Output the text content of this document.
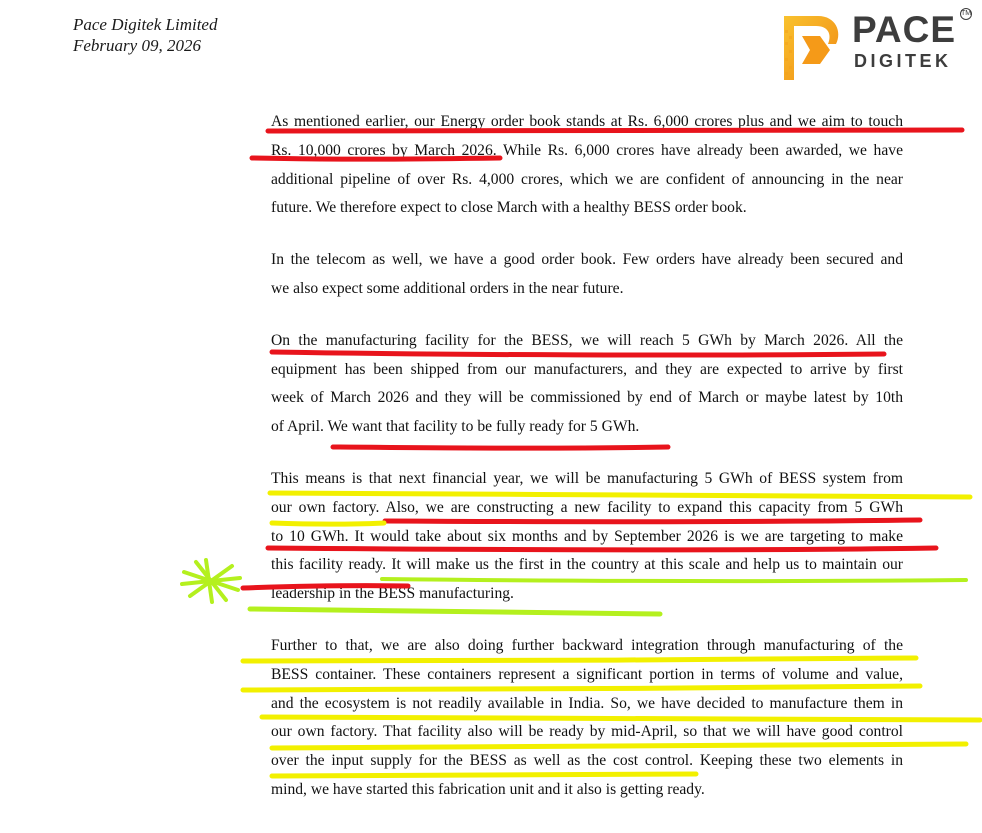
Pace Digitek Limited
February 09, 2026	PACE
DIGITEK
TM

As mentioned earlier, our Energy order book stands at Rs. 6,000 crores plus and we aim to touch
Rs. 10,000 crores by March 2026. While Rs. 6,000 crores have already been awarded, we have
additional pipeline of over Rs. 4,000 crores, which we are confident of announcing in the near
future. We therefore expect to close March with a healthy BESS order book.

In the telecom as well, we have a good order book. Few orders have already been secured and
we also expect some additional orders in the near future.

On the manufacturing facility for the BESS, we will reach 5 GWh by March 2026. All the
equipment has been shipped from our manufacturers, and they are expected to arrive by first
week of March 2026 and they will be commissioned by end of March or maybe latest by 10th
of April. We want that facility to be fully ready for 5 GWh.

This means is that next financial year, we will be manufacturing 5 GWh of BESS system from
our own factory. Also, we are constructing a new facility to expand this capacity from 5 GWh
to 10 GWh. It would take about six months and by September 2026 is we are targeting to make
this facility ready. It will make us the first in the country at this scale and help us to maintain our
leadership in the BESS manufacturing.

Further to that, we are also doing further backward integration through manufacturing of the
BESS container. These containers represent a significant portion in terms of volume and value,
and the ecosystem is not readily available in India. So, we have decided to manufacture them in
our own factory. That facility also will be ready by mid-April, so that we will have good control
over the input supply for the BESS as well as the cost control. Keeping these two elements in
mind, we have started this fabrication unit and it also is getting ready.
